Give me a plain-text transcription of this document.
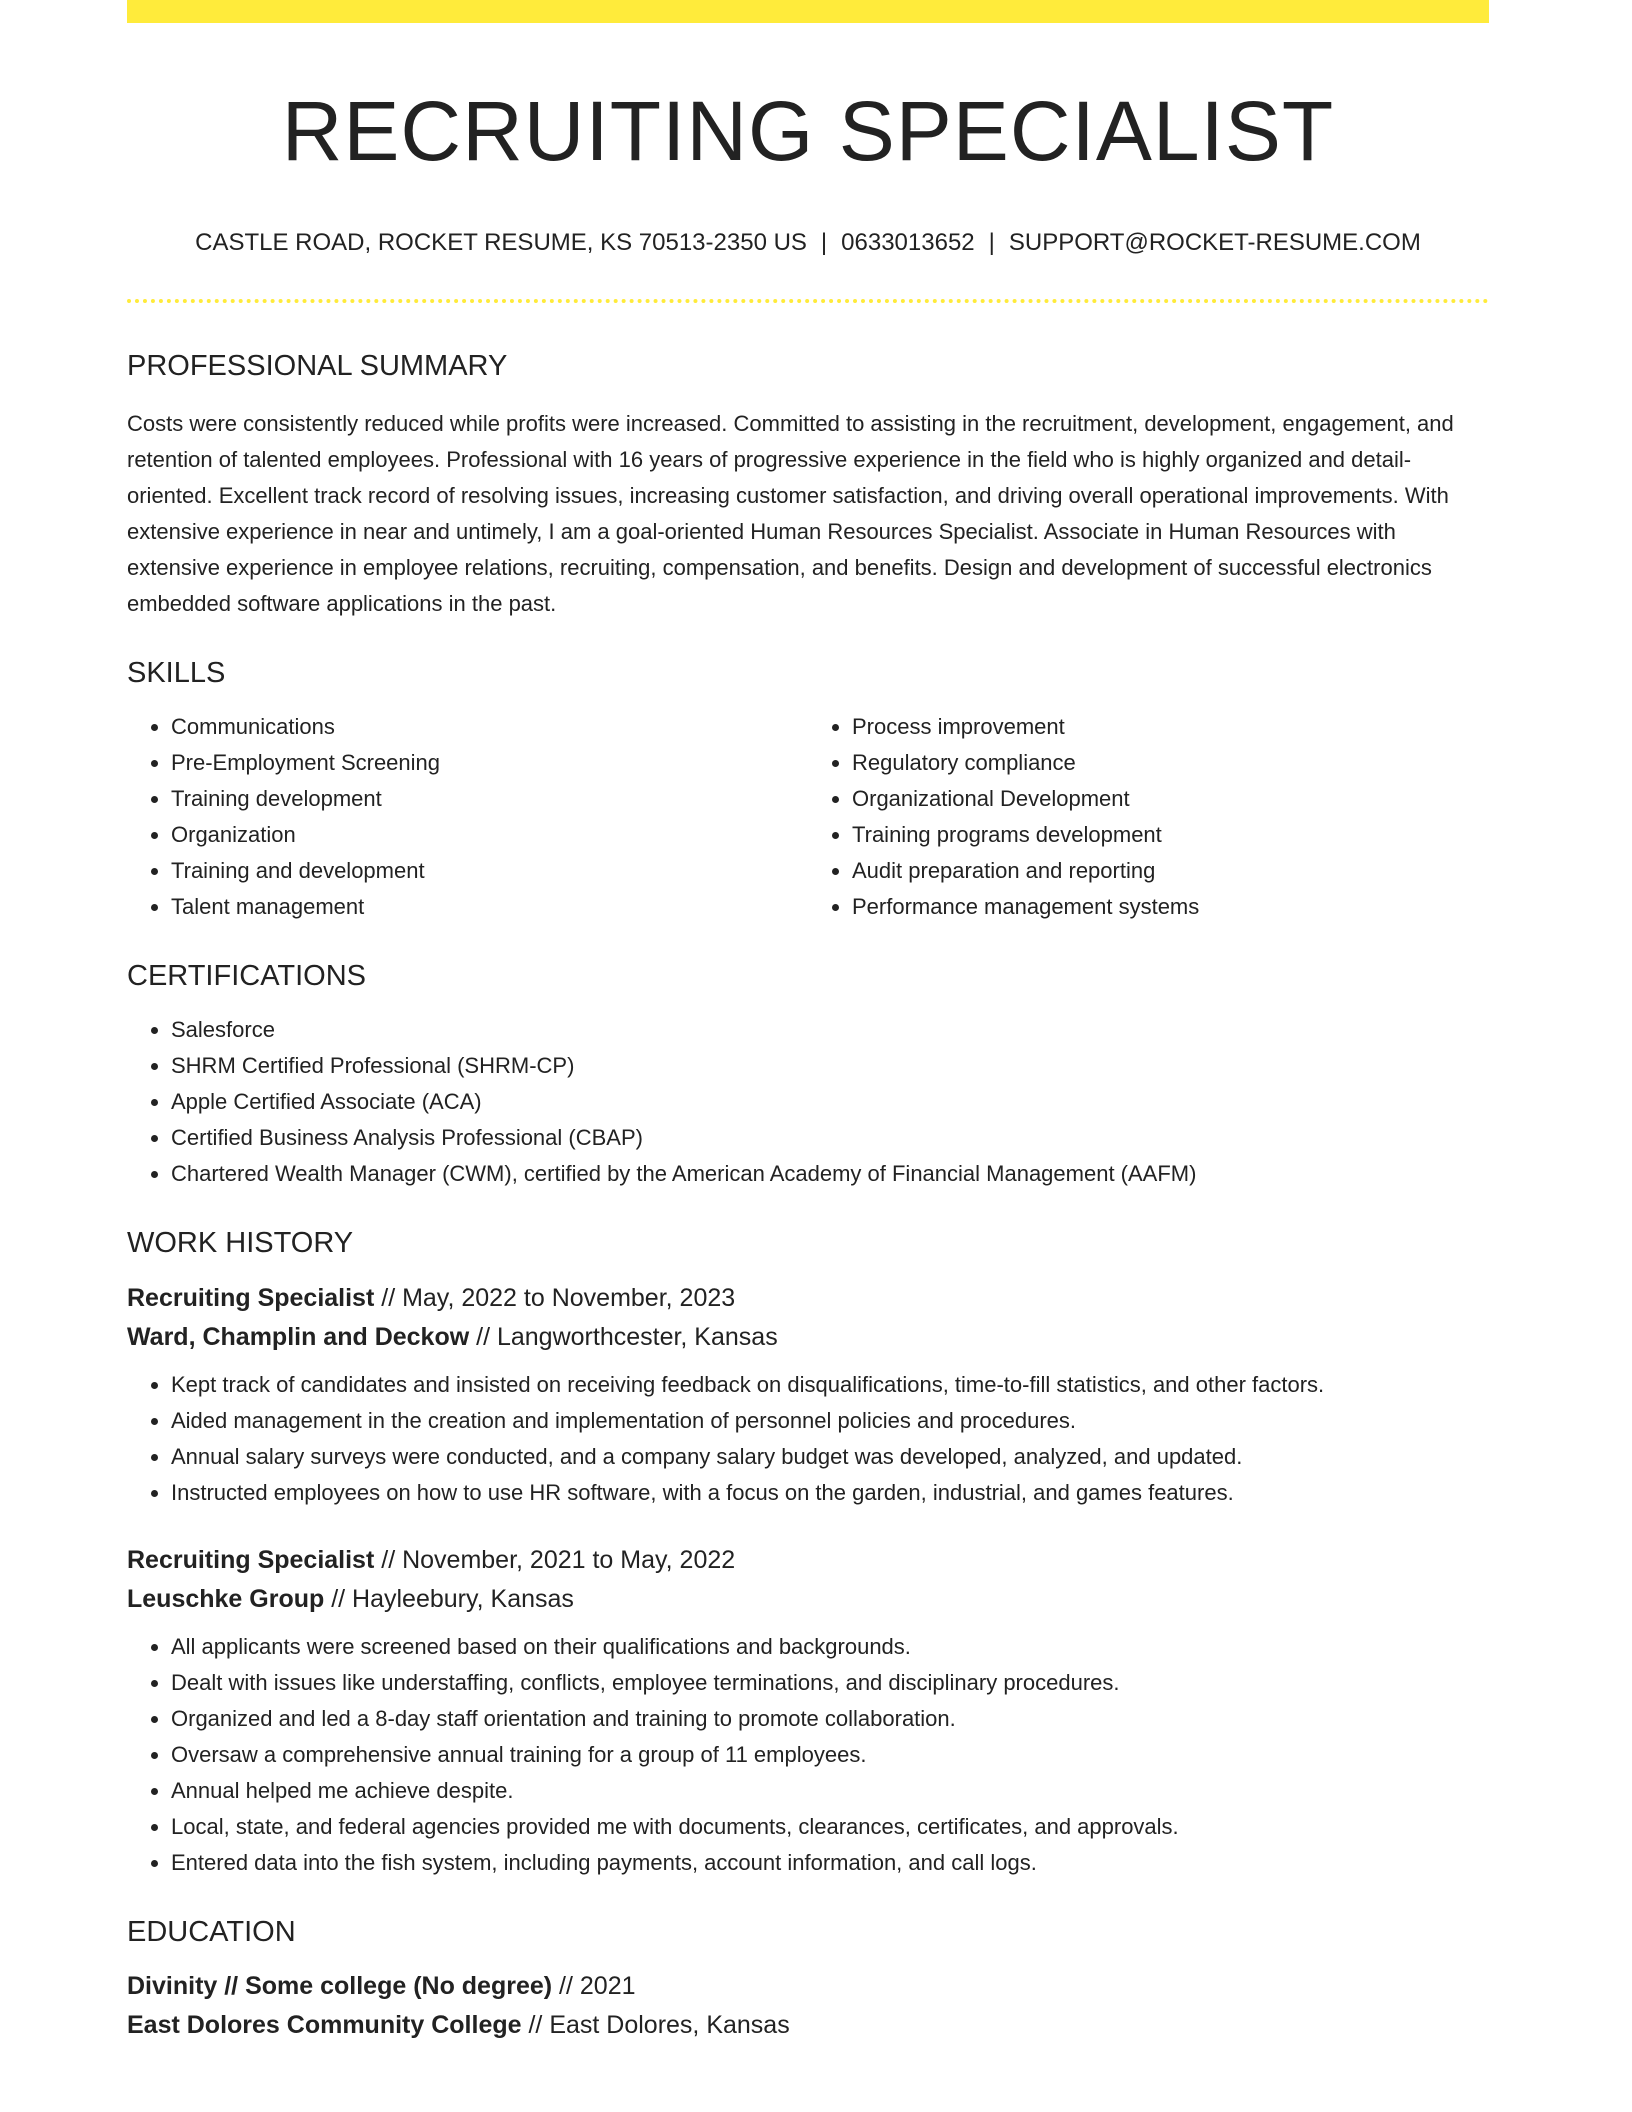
RECRUITING SPECIALIST
CASTLE ROAD, ROCKET RESUME, KS 70513-2350 US | 0633013652 | SUPPORT@ROCKET-RESUME.COM
PROFESSIONAL SUMMARY
Costs were consistently reduced while profits were increased. Committed to assisting in the recruitment, development, engagement, and retention of talented employees. Professional with 16 years of progressive experience in the field who is highly organized and detail-oriented. Excellent track record of resolving issues, increasing customer satisfaction, and driving overall operational improvements. With extensive experience in near and untimely, I am a goal-oriented Human Resources Specialist. Associate in Human Resources with extensive experience in employee relations, recruiting, compensation, and benefits. Design and development of successful electronics embedded software applications in the past.
SKILLS
• Communications
• Pre-Employment Screening
• Training development
• Organization
• Training and development
• Talent management
• Process improvement
• Regulatory compliance
• Organizational Development
• Training programs development
• Audit preparation and reporting
• Performance management systems
CERTIFICATIONS
• Salesforce
• SHRM Certified Professional (SHRM-CP)
• Apple Certified Associate (ACA)
• Certified Business Analysis Professional (CBAP)
• Chartered Wealth Manager (CWM), certified by the American Academy of Financial Management (AAFM)
WORK HISTORY
Recruiting Specialist // May, 2022 to November, 2023
Ward, Champlin and Deckow // Langworthcester, Kansas
• Kept track of candidates and insisted on receiving feedback on disqualifications, time-to-fill statistics, and other factors.
• Aided management in the creation and implementation of personnel policies and procedures.
• Annual salary surveys were conducted, and a company salary budget was developed, analyzed, and updated.
• Instructed employees on how to use HR software, with a focus on the garden, industrial, and games features.
Recruiting Specialist // November, 2021 to May, 2022
Leuschke Group // Hayleebury, Kansas
• All applicants were screened based on their qualifications and backgrounds.
• Dealt with issues like understaffing, conflicts, employee terminations, and disciplinary procedures.
• Organized and led a 8-day staff orientation and training to promote collaboration.
• Oversaw a comprehensive annual training for a group of 11 employees.
• Annual helped me achieve despite.
• Local, state, and federal agencies provided me with documents, clearances, certificates, and approvals.
• Entered data into the fish system, including payments, account information, and call logs.
EDUCATION
Divinity // Some college (No degree) // 2021
East Dolores Community College // East Dolores, Kansas
